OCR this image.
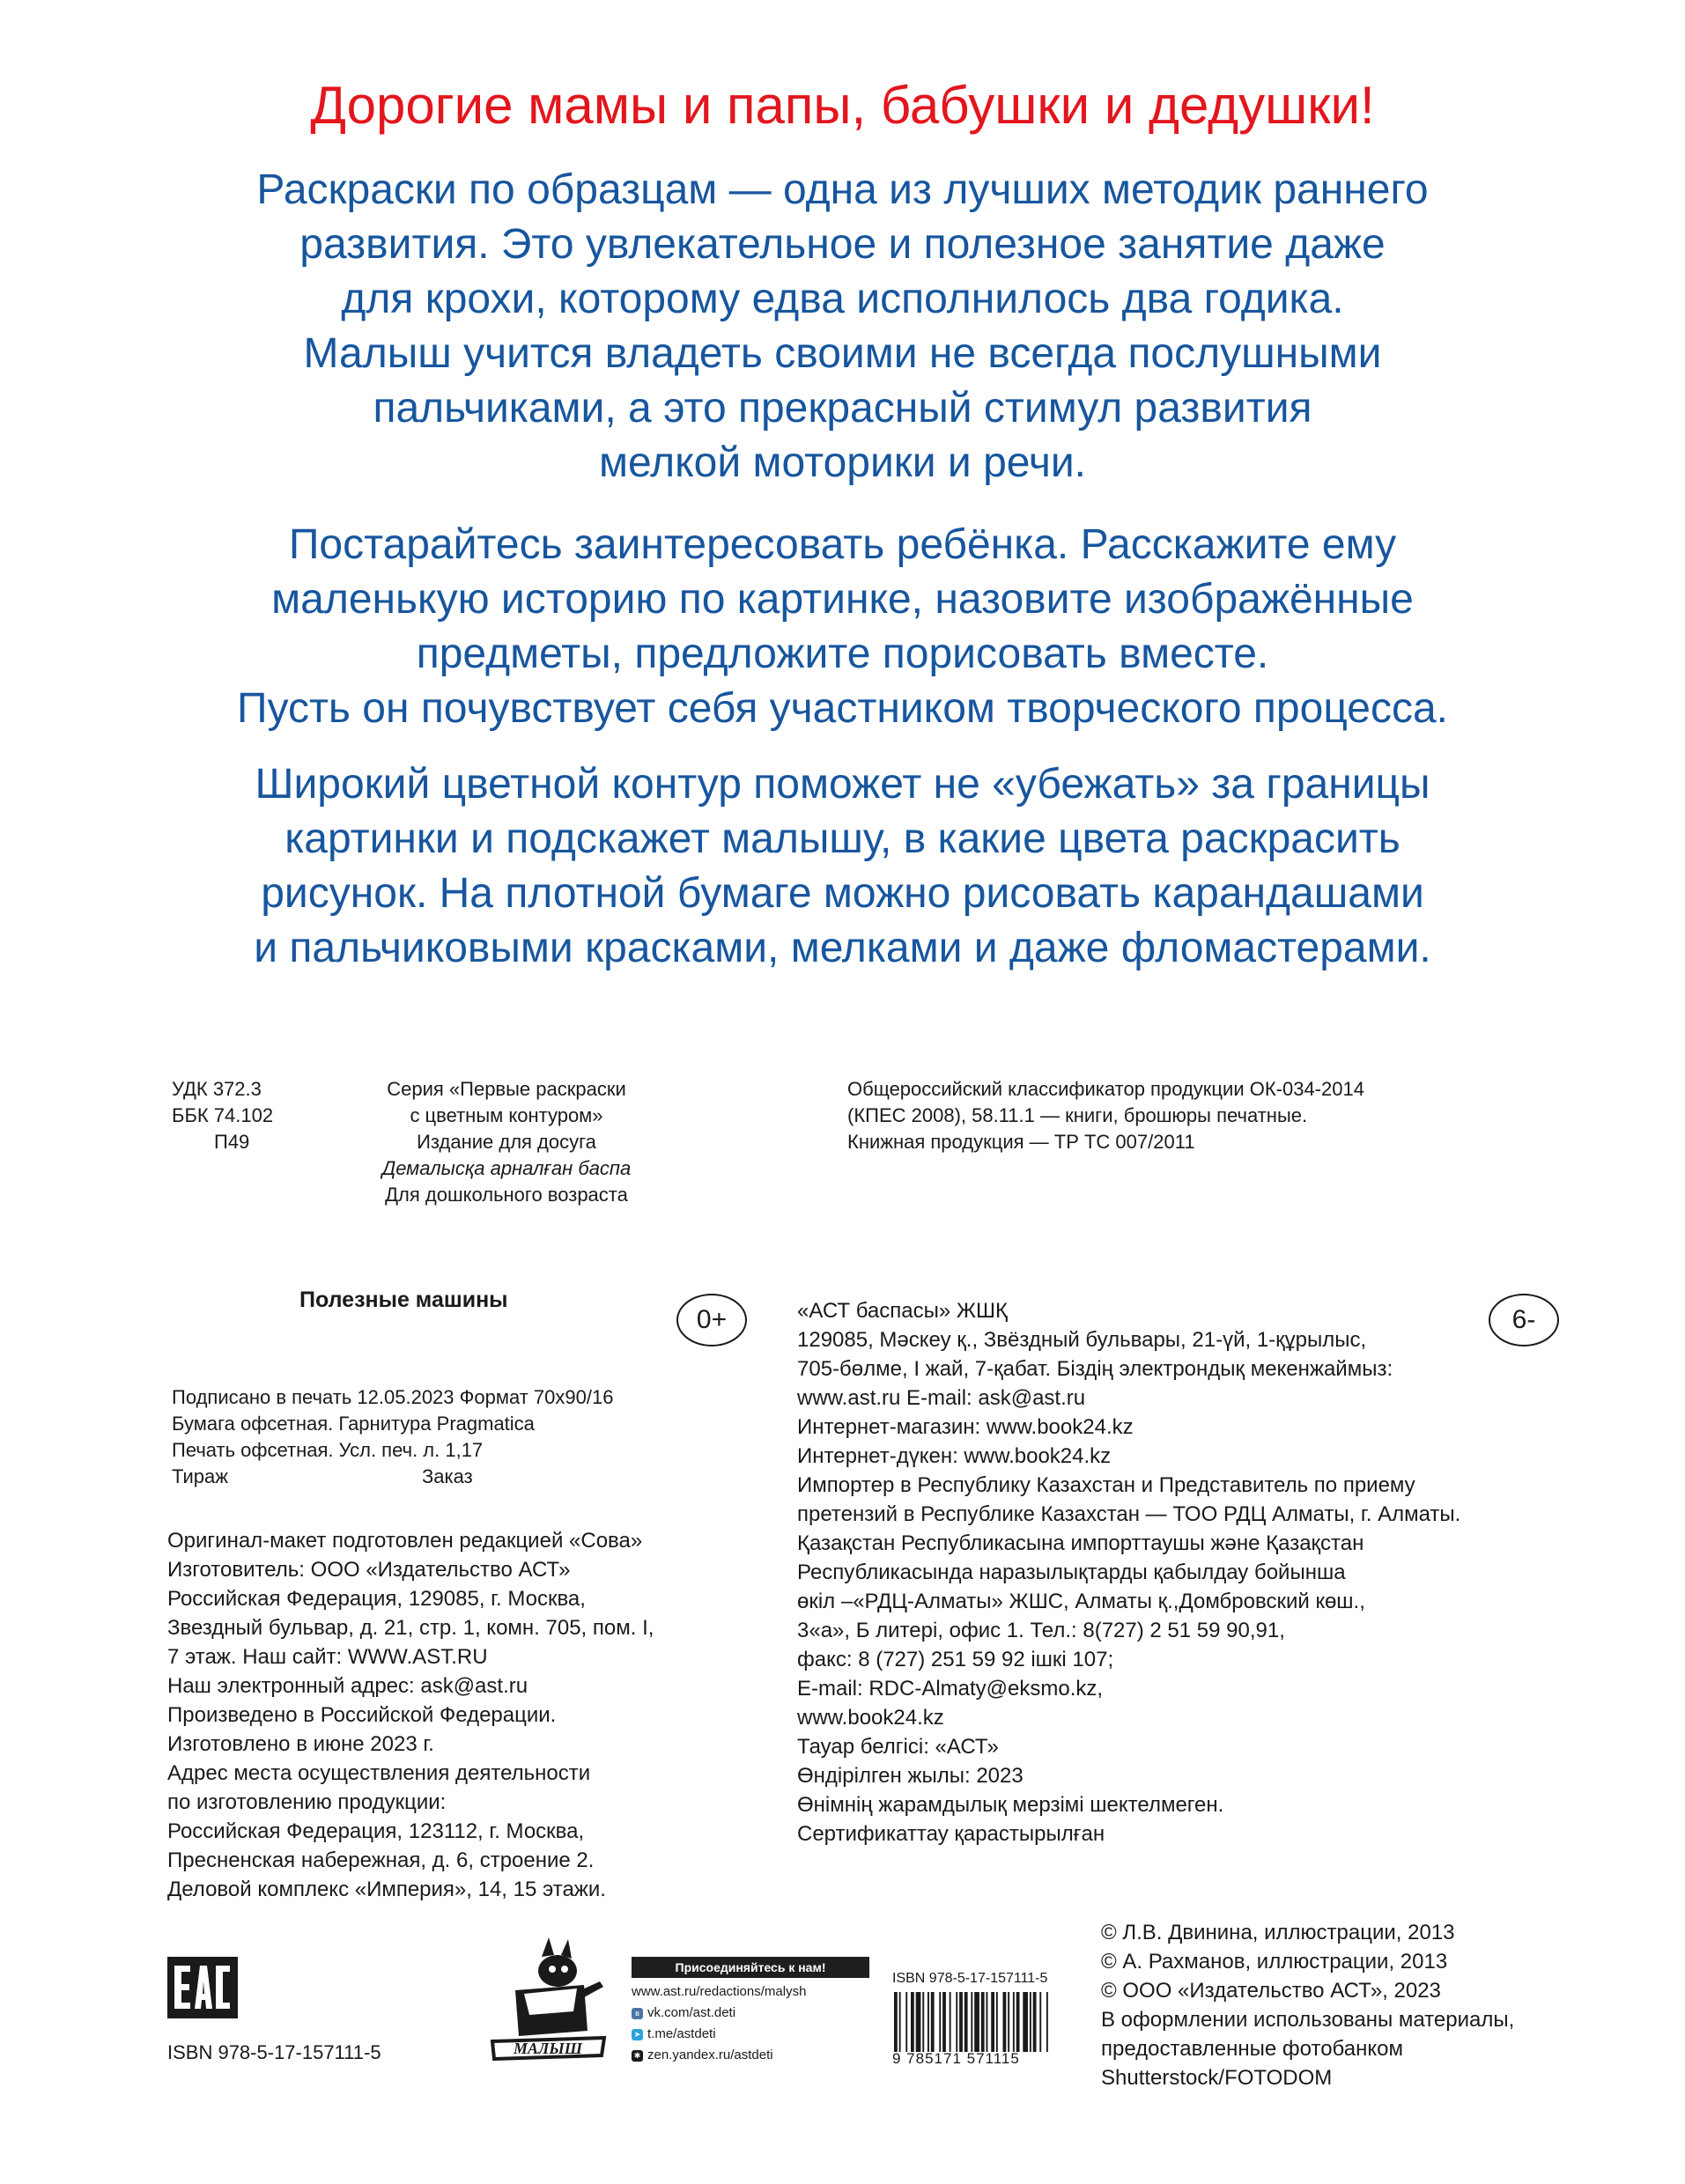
Дорогие мамы и папы, бабушки и дедушки!
Раскраски по образцам — одна из лучших методик раннего
развития. Это увлекательное и полезное занятие даже
для крохи, которому едва исполнилось два годика.
Малыш учится владеть своими не всегда послушными
пальчиками, а это прекрасный стимул развития
мелкой моторики и речи.
Постарайтесь заинтересовать ребёнка. Расскажите ему
маленькую историю по картинке, назовите изображённые
предметы, предложите порисовать вместе.
Пусть он почувствует себя участником творческого процесса.
Широкий цветной контур поможет не «убежать» за границы
картинки и подскажет малышу, в какие цвета раскрасить
рисунок. На плотной бумаге можно рисовать карандашами
и пальчиковыми красками, мелками и даже фломастерами.
УДК 372.3
ББК 74.102
П49
Серия «Первые раскраски
с цветным контуром»
Издание для досуга
Демалысқа арналған баспа
Для дошкольного возраста
Общероссийский классификатор продукции ОК-034-2014
(КПЕС 2008), 58.11.1 — книги, брошюры печатные.
Книжная продукция — ТР ТС 007/2011
Полезные машины
0+	6-
Подписано в печать 12.05.2023 Формат 70х90/16
Бумага офсетная. Гарнитура Pragmatica
Печать офсетная. Усл. печ. л. 1,17
Тираж	Заказ
Оригинал-макет подготовлен редакцией «Сова»
Изготовитель: ООО «Издательство АСТ»
Российская Федерация, 129085, г. Москва,
Звездный бульвар, д. 21, стр. 1, комн. 705, пом. I,
7 этаж. Наш сайт: WWW.AST.RU
Наш электронный адрес: ask@ast.ru
Произведено в Российской Федерации.
Изготовлено в июне 2023 г.
Адрес места осуществления деятельности
по изготовлению продукции:
Российская Федерация, 123112, г. Москва,
Пресненская набережная, д. 6, строение 2.
Деловой комплекс «Империя», 14, 15 этажи.
«АСТ баспасы» ЖШҚ
129085, Мәскеу қ., Звёздный бульвары, 21-үй, 1-құрылыс,
705-бөлме, I жай, 7-қабат. Біздің электрондық мекенжаймыз:
www.ast.ru E-mail: ask@ast.ru
Интернет-магазин: www.book24.kz
Интернет-дүкен: www.book24.kz
Импортер в Республику Казахстан и Представитель по приему
претензий в Республике Казахстан — ТОО РДЦ Алматы, г. Алматы.
Қазақстан Республикасына импорттаушы және Қазақстан
Республикасында наразылықтарды қабылдау бойынша
өкіл –«РДЦ-Алматы» ЖШС, Алматы қ.,Домбровский көш.,
3«а», Б литері, офис 1. Тел.: 8(727) 2 51 59 90,91,
факс: 8 (727) 251 59 92 ішкі 107;
E-mail: RDC-Almaty@eksmo.kz,
www.book24.kz
Тауар белгісі: «АСТ»
Өндірілген жылы: 2023
Өнімнің жарамдылық мерзімі шектелмеген.
Сертификаттау қарастырылған
ISBN 978-5-17-157111-5	МАЛЫШ
Присоединяйтесь к нам!
www.ast.ru/redactions/malysh
в vk.com/ast.deti
➤ t.me/astdeti
✱ zen.yandex.ru/astdeti
ISBN 978-5-17-157111-5
9 785171 571115
© Л.В. Двинина, иллюстрации, 2013
© А. Рахманов, иллюстрации, 2013
© ООО «Издательство АСТ», 2023
В оформлении использованы материалы,
предоставленные фотобанком
Shutterstock/FOTODOM
